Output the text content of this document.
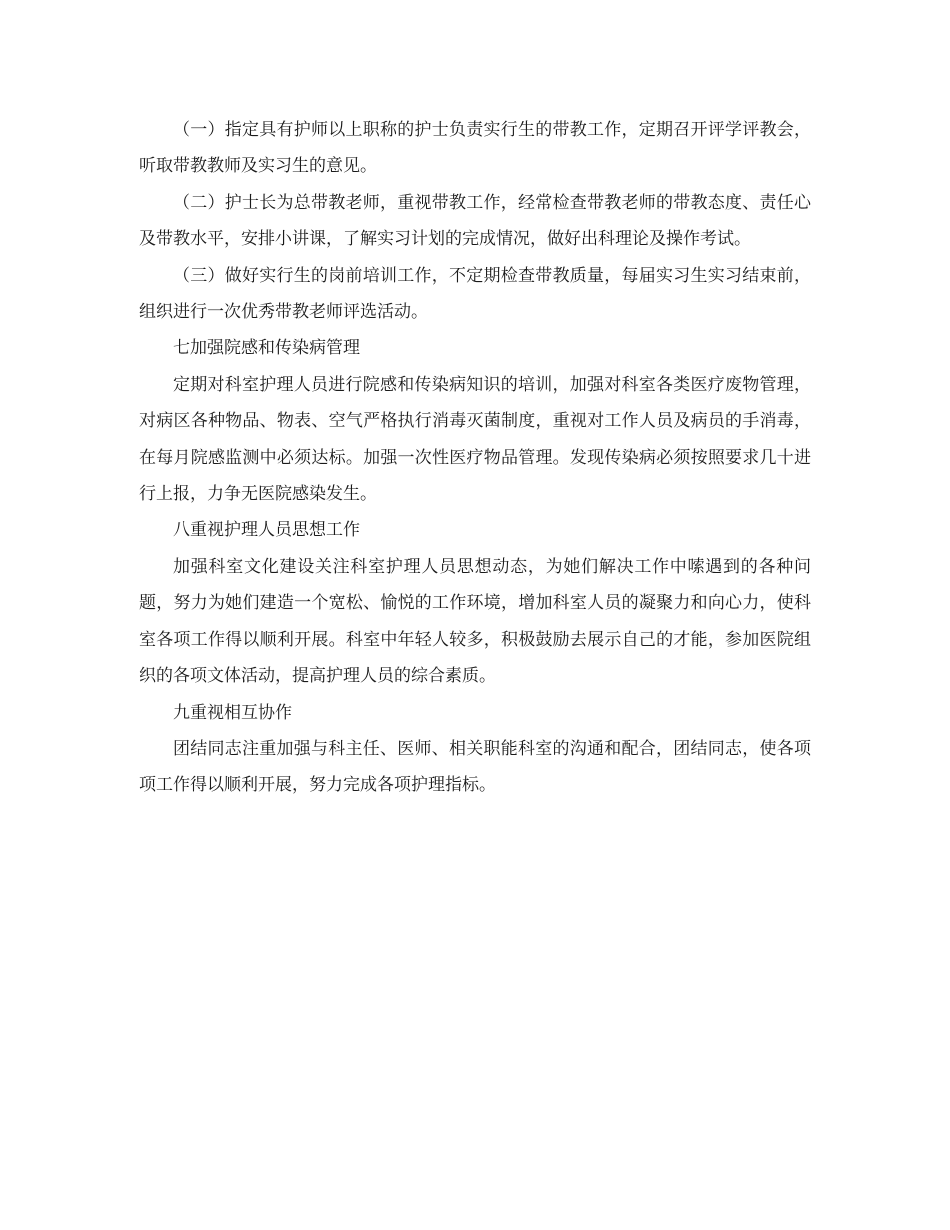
（一）指定具有护师以上职称的护士负责实行生的带教工作，定期召开评学评教会，听取带教教师及实习生的意见。

（二）护士长为总带教老师，重视带教工作，经常检查带教老师的带教态度、责任心及带教水平，安排小讲课，了解实习计划的完成情况，做好出科理论及操作考试。

（三）做好实行生的岗前培训工作，不定期检查带教质量，每届实习生实习结束前，组织进行一次优秀带教老师评选活动。

七加强院感和传染病管理

定期对科室护理人员进行院感和传染病知识的培训，加强对科室各类医疗废物管理，对病区各种物品、物表、空气严格执行消毒灭菌制度，重视对工作人员及病员的手消毒，在每月院感监测中必须达标。加强一次性医疗物品管理。发现传染病必须按照要求几十进行上报，力争无医院感染发生。

八重视护理人员思想工作

加强科室文化建设关注科室护理人员思想动态，为她们解决工作中嗦遇到的各种问题，努力为她们建造一个宽松、愉悦的工作环境，增加科室人员的凝聚力和向心力，使科室各项工作得以顺利开展。科室中年轻人较多，积极鼓励去展示自己的才能，参加医院组织的各项文体活动，提高护理人员的综合素质。

九重视相互协作

团结同志注重加强与科主任、医师、相关职能科室的沟通和配合，团结同志，使各项项工作得以顺利开展，努力完成各项护理指标。
